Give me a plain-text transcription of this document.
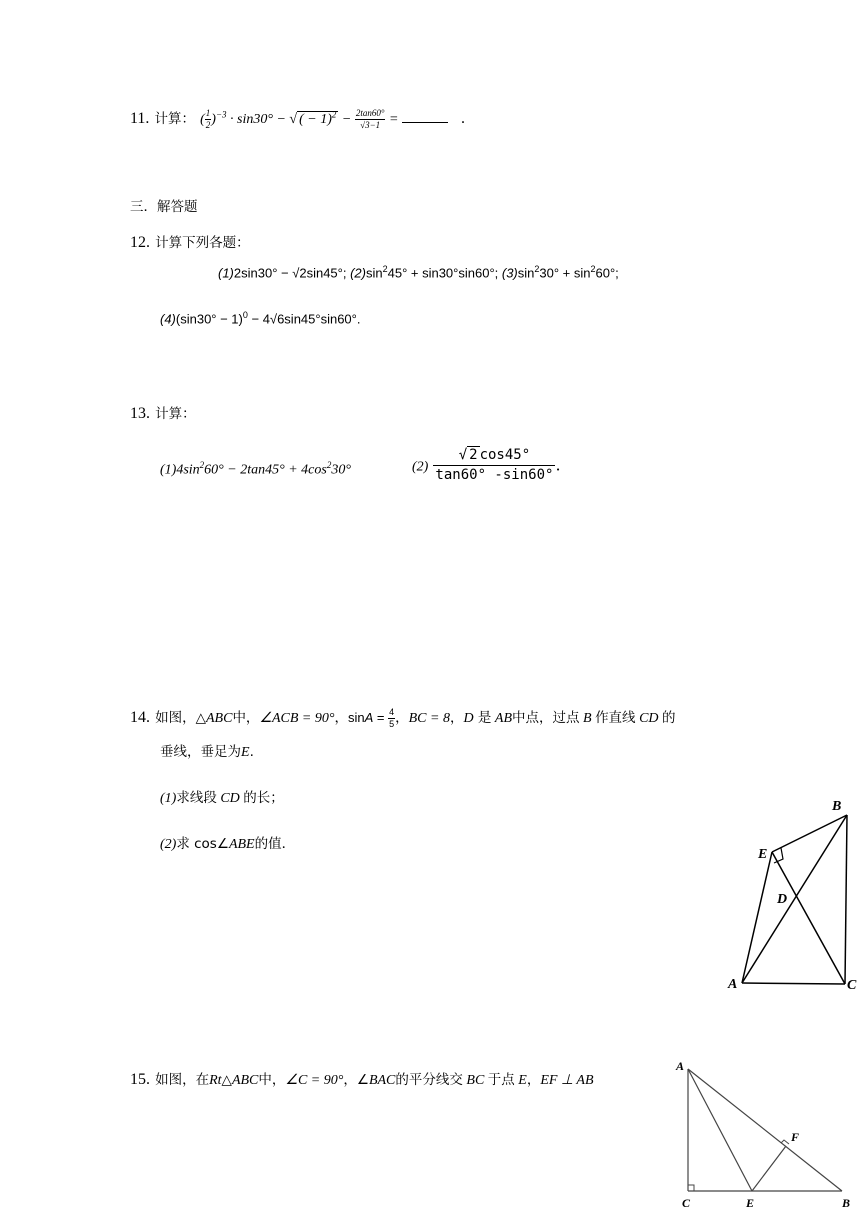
11. 计算： ( $\frac{1}{2} )^{-3} \cdot \sin 30^\circ$ − √ ( − $1)^2 - \frac{2\tan 60^\circ}{√3-1}$ =	.
三．解答题
12. 计算下列各题：
(1)2sin30° − √2sin45°; $(2)\sin^245^\circ + \sin 30^\circ\sin 60^\circ$; $(3)\sin^230^\circ + \sin^260^\circ$;
$(4)(\sin 30^\circ - 1)^0 - 4√6\sin 45^\circ\sin 60^\circ$.
13. 计算：
$(1)4\sin^260^\circ - 2\tan 45^\circ + 4\cos^230^\circ$	$(2) \frac{√ 2 \cos 45^\circ}{\tan 60^\circ -\sin 60^\circ}$ .
14. 如图，△ABC中，∠ACB = 90°，$\sin A = \frac{4}{5}$ ，BC = 8，D 是 AB中点，过点 B 作直线 CD 的
垂线，垂足为E.
(1)求线段 CD 的长；
(2)求 cos∠ABE的值．
B
E
D
A	C
15. 如图，在Rt△ABC中，∠C = 90°，∠BAC的平分线交 BC 于点 E，EF ⊥ AB
A
C	E	B
F
